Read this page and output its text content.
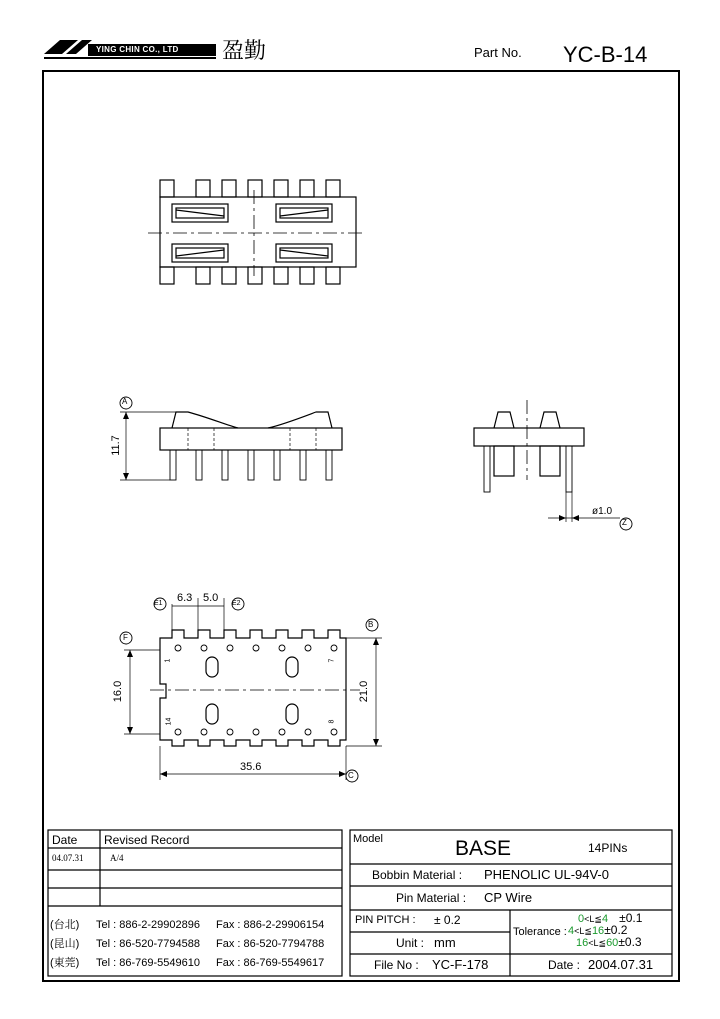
YING CHIN CO., LTD 盈勤	Part No. YC-B-14
A
11.7
ø1.0
Z
E1 6.3 5.0 E2
F
B
16.0	21.0
35.6
C
1	7
14	8
Date Revised Record
04.07.31	A/4
(台北) Tel : 886-2-29902896 Fax : 886-2-29906154
(昆山) Tel : 86-520-7794588 Fax : 86-520-7794788
(東莞) Tel : 86-769-5549610 Fax : 86-769-5549617
Model	BASE	14PINs
Bobbin Material : PHENOLIC UL-94V-0
Pin Material : CP Wire
PIN PITCH : ± 0.2
Unit : mm
Tolerance :
0<L≦4 ±0.1
4<L≦16±0.2
16<L≦60±0.3
File No : YC-F-178	Date : 2004.07.31
